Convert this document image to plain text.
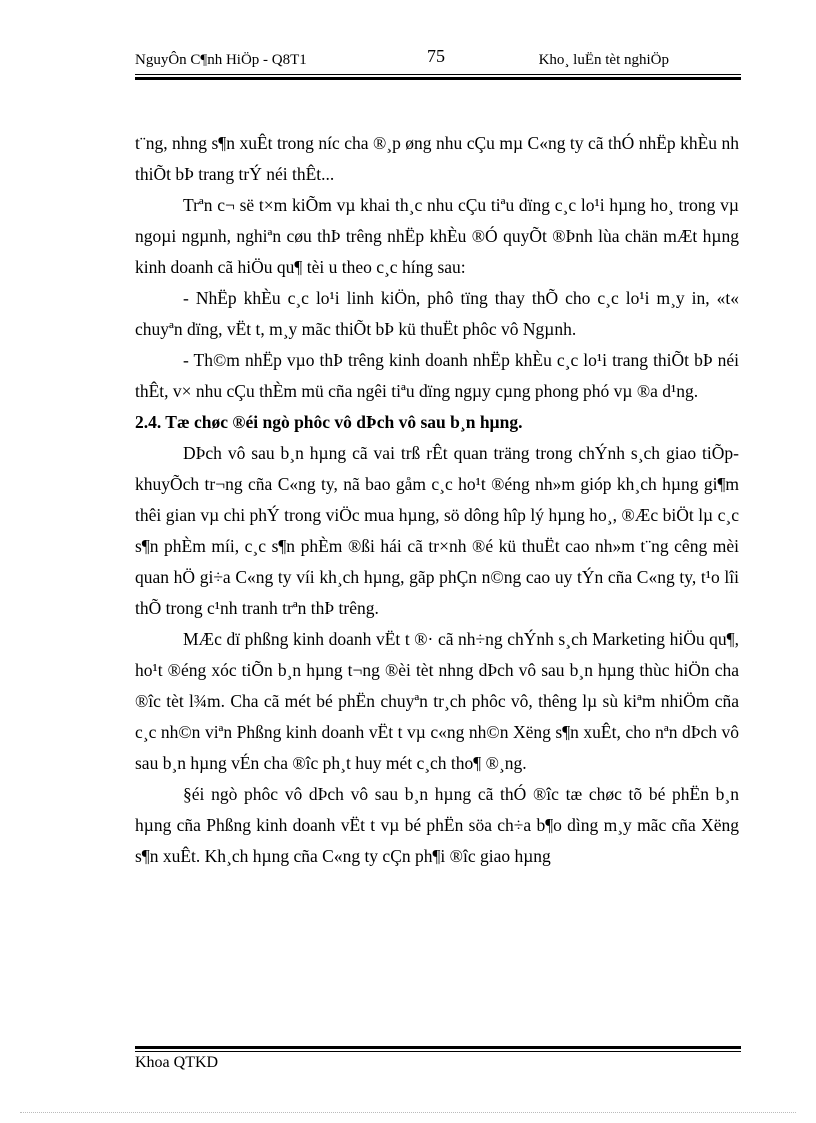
NguyÔn C¶nh HiÖp - Q8T1	75	Kho¸ luËn tèt nghiÖp

t¨ng, nhng s¶n xuÊt trong níc cha ®¸p øng nhu cÇu mµ C«ng ty cã thÓ nhËp khÈu nh thiÕt bÞ trang trÝ néi thÊt...

Trªn c¬ së t×m kiÕm vµ khai th¸c nhu cÇu tiªu dïng c¸c lo¹i hµng ho¸ trong vµ ngoµi ngµnh, nghiªn cøu thÞ trêng nhËp khÈu ®Ó quyÕt ®Þnh lùa chän mÆt hµng kinh doanh cã hiÖu qu¶ tèi u theo c¸c híng sau:

- NhËp khÈu c¸c lo¹i linh kiÖn, phô tïng thay thÕ cho c¸c lo¹i m¸y in, «t« chuyªn dïng, vËt t, m¸y mãc thiÕt bÞ kü thuËt phôc vô Ngµnh.

- Th©m nhËp vµo thÞ trêng kinh doanh nhËp khÈu c¸c lo¹i trang thiÕt bÞ néi thÊt, v× nhu cÇu thÈm mü cña ngêi tiªu dïng ngµy cµng phong phó vµ ®a d¹ng.

2.4. Tæ chøc ®éi ngò phôc vô dÞch vô sau b¸n hµng.

DÞch vô sau b¸n hµng cã vai trß rÊt quan träng trong chÝnh s¸ch giao tiÕp- khuyÕch tr¬ng cña C«ng ty, nã bao gåm c¸c ho¹t ®éng nh»m gióp kh¸ch hµng gi¶m thêi gian vµ chi phÝ trong viÖc mua hµng, sö dông hîp lý hµng ho¸, ®Æc biÖt lµ c¸c s¶n phÈm míi, c¸c s¶n phÈm ®ßi hái cã tr×nh ®é kü thuËt cao nh»m t¨ng cêng mèi quan hÖ gi÷a C«ng ty víi kh¸ch hµng, gãp phÇn n©ng cao uy tÝn cña C«ng ty, t¹o lîi thÕ trong c¹nh tranh trªn thÞ trêng.

MÆc dï phßng kinh doanh vËt t ®· cã nh÷ng chÝnh s¸ch Marketing hiÖu qu¶, ho¹t ®éng xóc tiÕn b¸n hµng t¬ng ®èi tèt nhng dÞch vô sau b¸n hµng thùc hiÖn cha ®îc tèt l¾m. Cha cã mét bé phËn chuyªn tr¸ch phôc vô, thêng lµ sù kiªm nhiÖm cña c¸c nh©n viªn Phßng kinh doanh vËt t vµ c«ng nh©n Xëng s¶n xuÊt, cho nªn dÞch vô sau b¸n hµng vÉn cha ®îc ph¸t huy mét c¸ch tho¶ ®¸ng.

§éi ngò phôc vô dÞch vô sau b¸n hµng cã thÓ ®îc tæ chøc tõ bé phËn b¸n hµng cña Phßng kinh doanh vËt t vµ bé phËn söa ch÷a b¶o dìng m¸y mãc cña Xëng s¶n xuÊt. Kh¸ch hµng cña C«ng ty cÇn ph¶i ®îc giao hµng

Khoa QTKD
